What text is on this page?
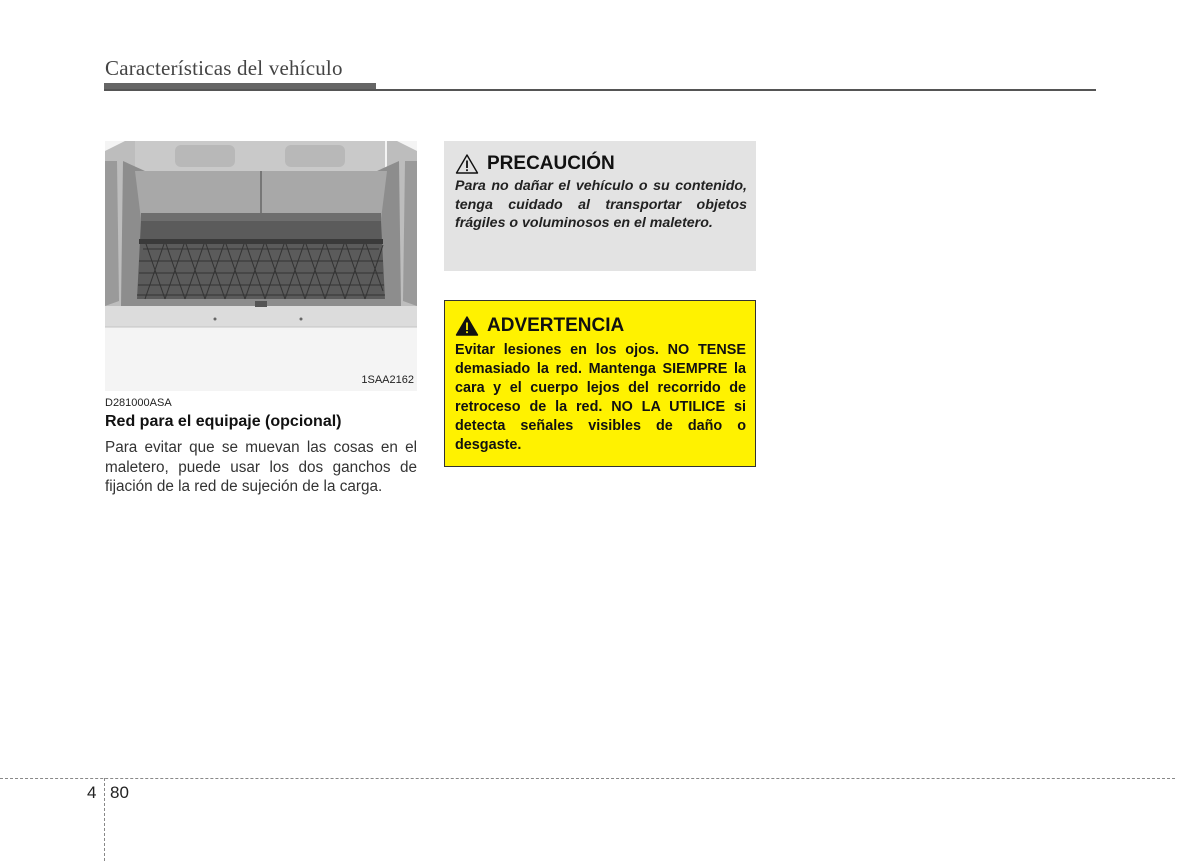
Características del vehículo
1SAA2162
D281000ASA
Red para el equipaje (opcional)
Para evitar que se muevan las cosas en el maletero, puede usar los dos ganchos de fijación de la red de sujeción de la carga.
PRECAUCIÓN
Para no dañar el vehículo o su contenido, tenga cuidado al transportar objetos frágiles o voluminosos en el maletero.
ADVERTENCIA
Evitar lesiones en los ojos. NO TENSE demasiado la red. Mantenga SIEMPRE la cara y el cuerpo lejos del recorrido de retroceso de la red. NO LA UTILICE si detecta señales visibles de daño o desgaste.
4 80
